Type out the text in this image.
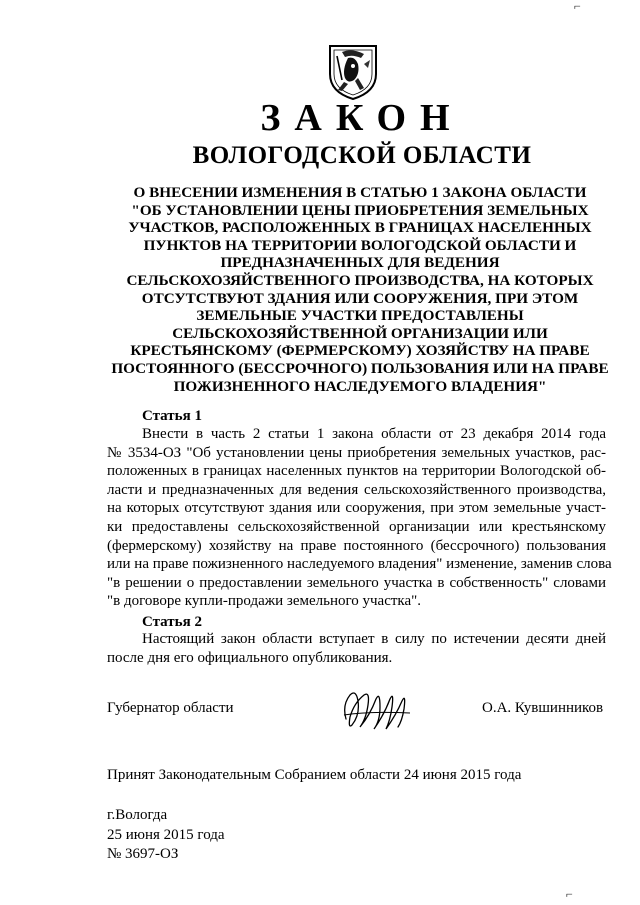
⌐
⌐
ЗАКОН
ВОЛОГОДСКОЙ ОБЛАСТИ
О ВНЕСЕНИИ ИЗМЕНЕНИЯ В СТАТЬЮ 1 ЗАКОНА ОБЛАСТИ
"ОБ УСТАНОВЛЕНИИ ЦЕНЫ ПРИОБРЕТЕНИЯ ЗЕМЕЛЬНЫХ
УЧАСТКОВ, РАСПОЛОЖЕННЫХ В ГРАНИЦАХ НАСЕЛЕННЫХ
ПУНКТОВ НА ТЕРРИТОРИИ ВОЛОГОДСКОЙ ОБЛАСТИ И
ПРЕДНАЗНАЧЕННЫХ ДЛЯ ВЕДЕНИЯ
СЕЛЬСКОХОЗЯЙСТВЕННОГО ПРОИЗВОДСТВА, НА КОТОРЫХ
ОТСУТСТВУЮТ ЗДАНИЯ ИЛИ СООРУЖЕНИЯ, ПРИ ЭТОМ
ЗЕМЕЛЬНЫЕ УЧАСТКИ ПРЕДОСТАВЛЕНЫ
СЕЛЬСКОХОЗЯЙСТВЕННОЙ ОРГАНИЗАЦИИ ИЛИ
КРЕСТЬЯНСКОМУ (ФЕРМЕРСКОМУ) ХОЗЯЙСТВУ НА ПРАВЕ
ПОСТОЯННОГО (БЕССРОЧНОГО) ПОЛЬЗОВАНИЯ ИЛИ НА ПРАВЕ
ПОЖИЗНЕННОГО НАСЛЕДУЕМОГО ВЛАДЕНИЯ"
Статья 1
Внести в часть 2 статьи 1 закона области от 23 декабря 2014 года
№ 3534-ОЗ "Об установлении цены приобретения земельных участков, рас-
положенных в границах населенных пунктов на территории Вологодской об-
ласти и предназначенных для ведения сельскохозяйственного производства,
на которых отсутствуют здания или сооружения, при этом земельные участ-
ки предоставлены сельскохозяйственной организации или крестьянскому
(фермерскому) хозяйству на праве постоянного (бессрочного) пользования
или на праве пожизненного наследуемого владения" изменение, заменив слова
"в решении о предоставлении земельного участка в собственность" словами
"в договоре купли-продажи земельного участка".
Статья 2
Настоящий закон области вступает в силу по истечении десяти дней
после дня его официального опубликования.
Губернатор области	О.А. Кувшинников
Принят Законодательным Собранием области 24 июня 2015 года
г.Вологда
25 июня 2015 года
№ 3697-ОЗ
